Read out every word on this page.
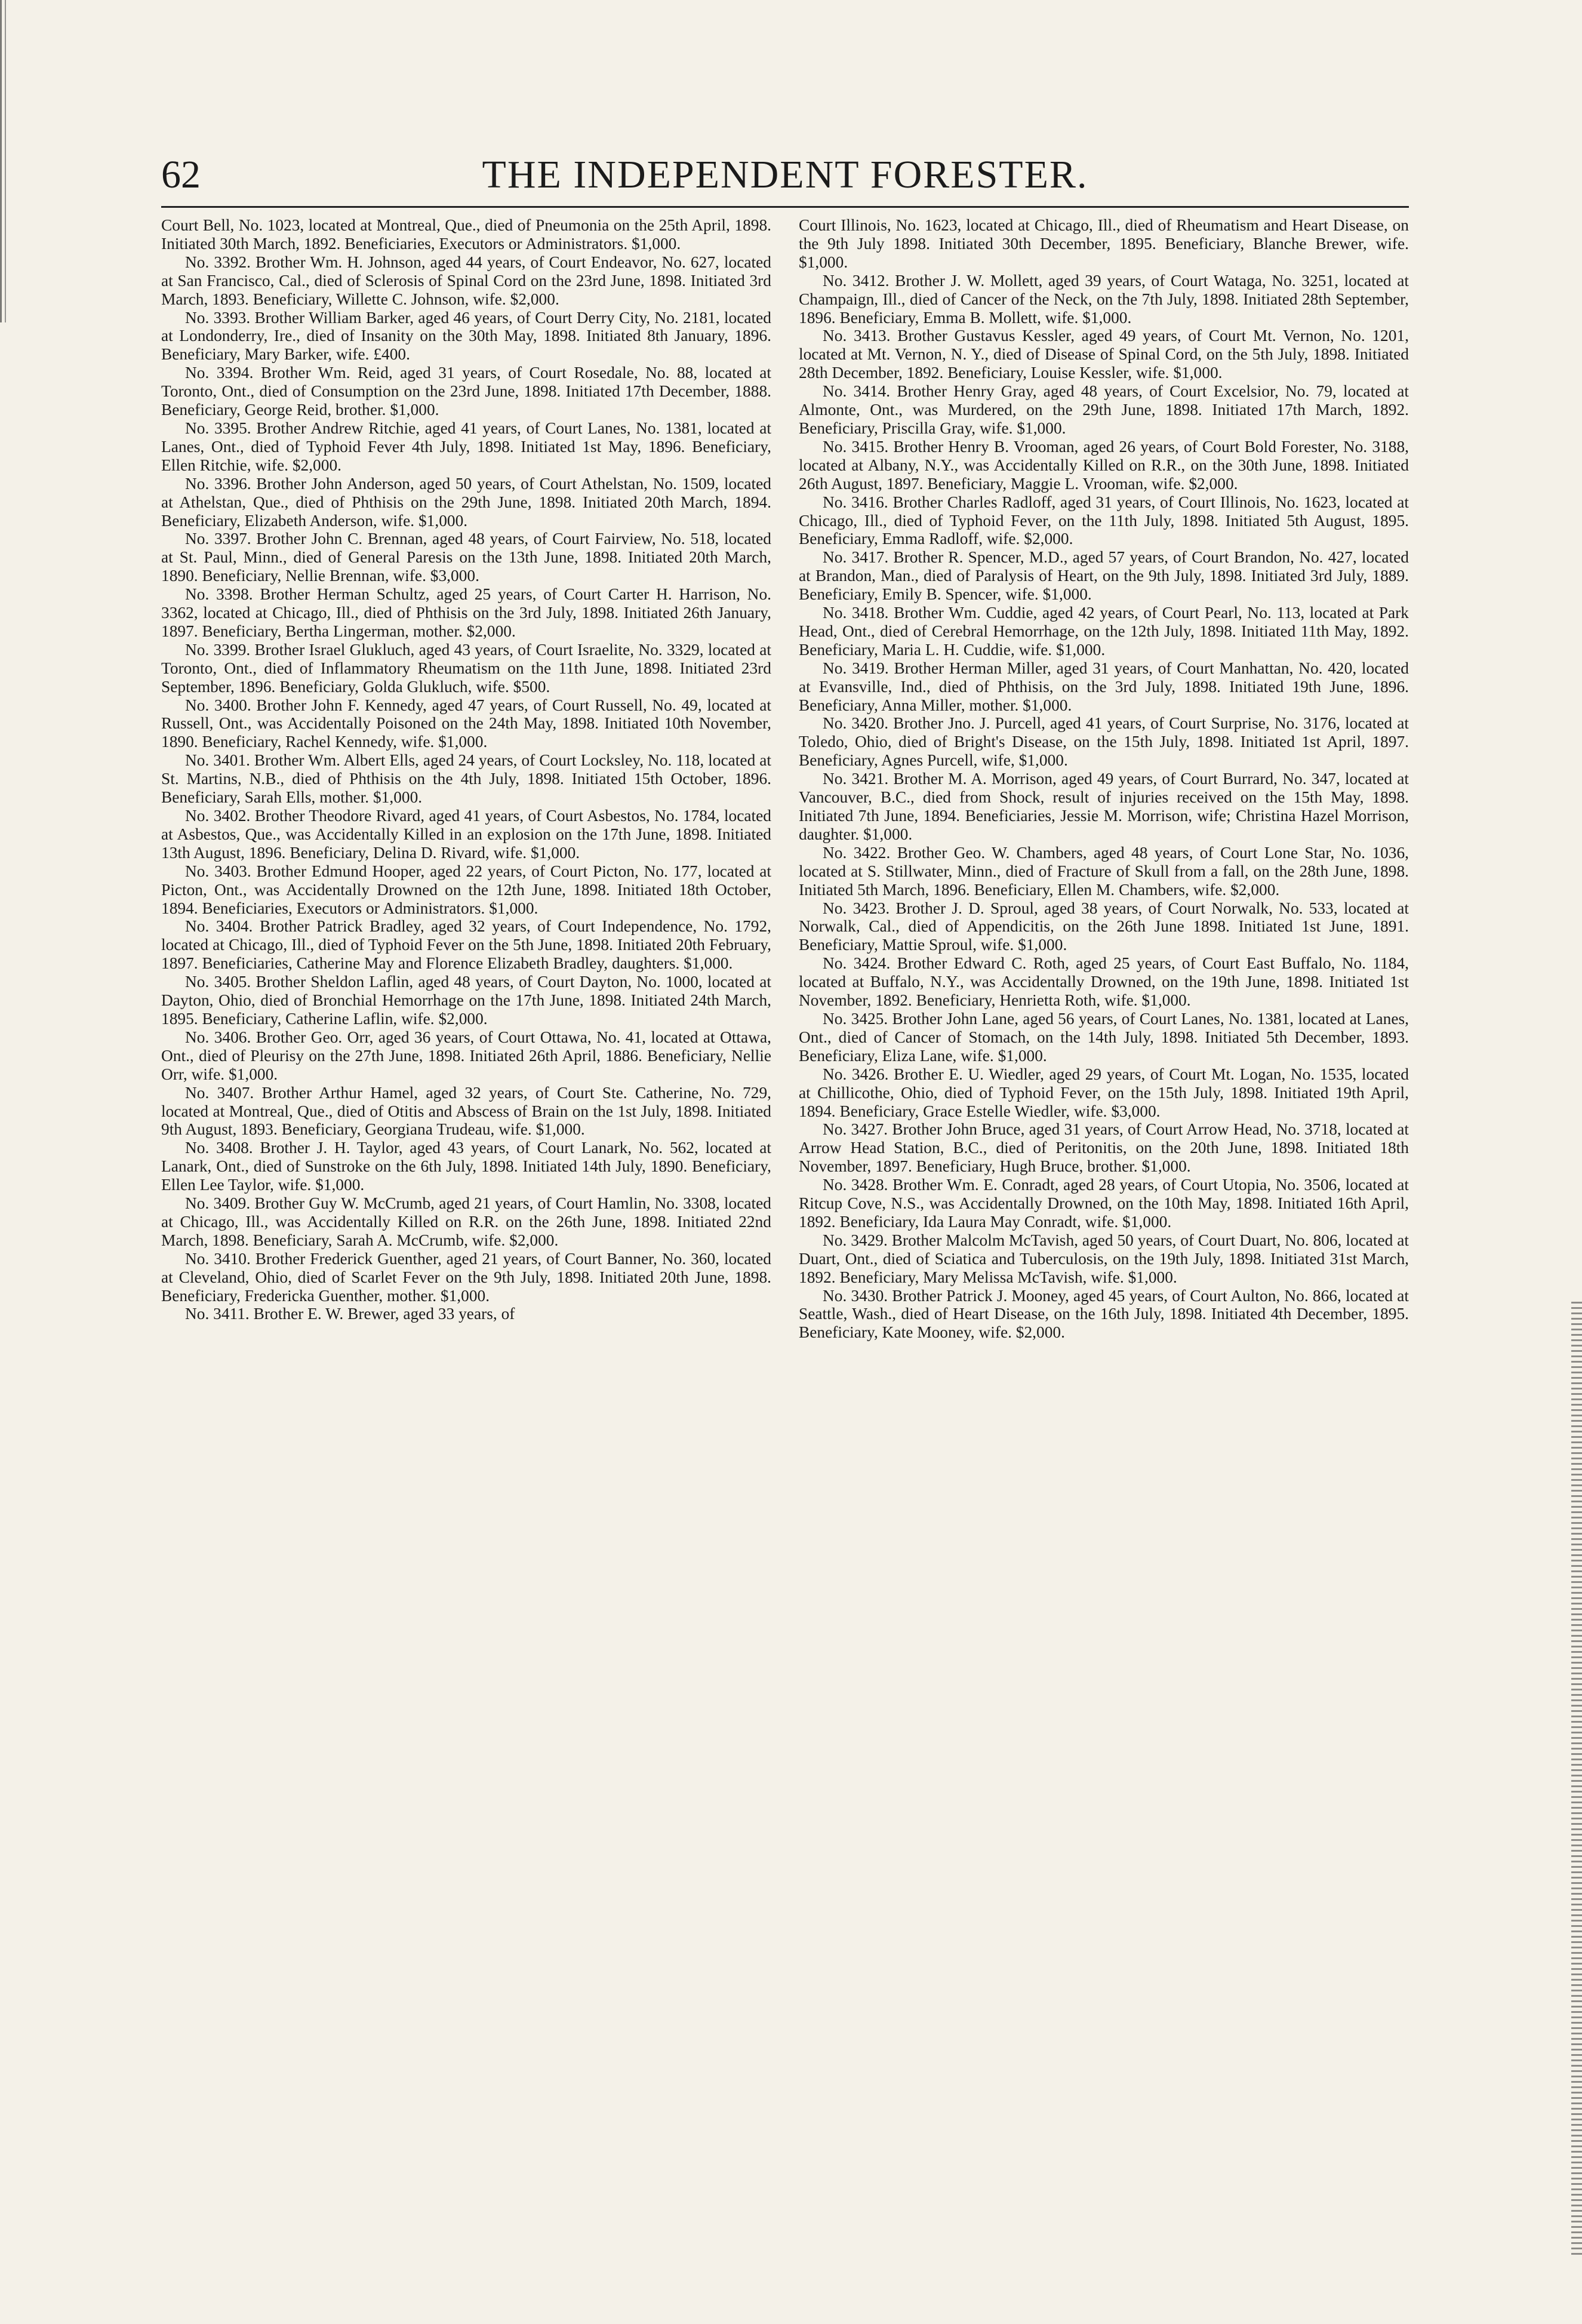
THE INDEPENDENT FORESTER.
62

Court Bell, No. 1023, located at Montreal, Que., died of Pneumonia on the 25th April, 1898. Initiated 30th March, 1892. Beneficiaries, Executors or Administrators. $1,000.

No. 3392. Brother Wm. H. Johnson, aged 44 years, of Court Endeavor, No. 627, located at San Francisco, Cal., died of Sclerosis of Spinal Cord on the 23rd June, 1898. Initiated 3rd March, 1893. Beneficiary, Willette C. Johnson, wife. $2,000.

No. 3393. Brother William Barker, aged 46 years, of Court Derry City, No. 2181, located at Londonderry, Ire., died of Insanity on the 30th May, 1898. Initiated 8th January, 1896. Beneficiary, Mary Barker, wife. £400.

No. 3394. Brother Wm. Reid, aged 31 years, of Court Rosedale, No. 88, located at Toronto, Ont., died of Consumption on the 23rd June, 1898. Initiated 17th December, 1888. Beneficiary, George Reid, brother. $1,000.

No. 3395. Brother Andrew Ritchie, aged 41 years, of Court Lanes, No. 1381, located at Lanes, Ont., died of Typhoid Fever 4th July, 1898. Initiated 1st May, 1896. Beneficiary, Ellen Ritchie, wife. $2,000.

No. 3396. Brother John Anderson, aged 50 years, of Court Athelstan, No. 1509, located at Athelstan, Que., died of Phthisis on the 29th June, 1898. Initiated 20th March, 1894. Beneficiary, Elizabeth Anderson, wife. $1,000.

No. 3397. Brother John C. Brennan, aged 48 years, of Court Fairview, No. 518, located at St. Paul, Minn., died of General Paresis on the 13th June, 1898. Initiated 20th March, 1890. Beneficiary, Nellie Brennan, wife. $3,000.

No. 3398. Brother Herman Schultz, aged 25 years, of Court Carter H. Harrison, No. 3362, located at Chicago, Ill., died of Phthisis on the 3rd July, 1898. Initiated 26th January, 1897. Beneficiary, Bertha Lingerman, mother. $2,000.

No. 3399. Brother Israel Glukluch, aged 43 years, of Court Israelite, No. 3329, located at Toronto, Ont., died of Inflammatory Rheumatism on the 11th June, 1898. Initiated 23rd September, 1896. Beneficiary, Golda Glukluch, wife. $500.

No. 3400. Brother John F. Kennedy, aged 47 years, of Court Russell, No. 49, located at Russell, Ont., was Accidentally Poisoned on the 24th May, 1898. Initiated 10th November, 1890. Beneficiary, Rachel Kennedy, wife. $1,000.

No. 3401. Brother Wm. Albert Ells, aged 24 years, of Court Locksley, No. 118, located at St. Martins, N.B., died of Phthisis on the 4th July, 1898. Initiated 15th October, 1896. Beneficiary, Sarah Ells, mother. $1,000.

No. 3402. Brother Theodore Rivard, aged 41 years, of Court Asbestos, No. 1784, located at Asbestos, Que., was Accidentally Killed in an explosion on the 17th June, 1898. Initiated 13th August, 1896. Beneficiary, Delina D. Rivard, wife. $1,000.

No. 3403. Brother Edmund Hooper, aged 22 years, of Court Picton, No. 177, located at Picton, Ont., was Accidentally Drowned on the 12th June, 1898. Initiated 18th October, 1894. Beneficiaries, Executors or Administrators. $1,000.

No. 3404. Brother Patrick Bradley, aged 32 years, of Court Independence, No. 1792, located at Chicago, Ill., died of Typhoid Fever on the 5th June, 1898. Initiated 20th February, 1897. Beneficiaries, Catherine May and Florence Elizabeth Bradley, daughters. $1,000.

No. 3405. Brother Sheldon Laflin, aged 48 years, of Court Dayton, No. 1000, located at Dayton, Ohio, died of Bronchial Hemorrhage on the 17th June, 1898. Initiated 24th March, 1895. Beneficiary, Catherine Laflin, wife. $2,000.

No. 3406. Brother Geo. Orr, aged 36 years, of Court Ottawa, No. 41, located at Ottawa, Ont., died of Pleurisy on the 27th June, 1898. Initiated 26th April, 1886. Beneficiary, Nellie Orr, wife. $1,000.

No. 3407. Brother Arthur Hamel, aged 32 years, of Court Ste. Catherine, No. 729, located at Montreal, Que., died of Otitis and Abscess of Brain on the 1st July, 1898. Initiated 9th August, 1893. Beneficiary, Georgiana Trudeau, wife. $1,000.

No. 3408. Brother J. H. Taylor, aged 43 years, of Court Lanark, No. 562, located at Lanark, Ont., died of Sunstroke on the 6th July, 1898. Initiated 14th July, 1890. Beneficiary, Ellen Lee Taylor, wife. $1,000.

No. 3409. Brother Guy W. McCrumb, aged 21 years, of Court Hamlin, No. 3308, located at Chicago, Ill., was Accidentally Killed on R.R. on the 26th June, 1898. Initiated 22nd March, 1898. Beneficiary, Sarah A. McCrumb, wife. $2,000.

No. 3410. Brother Frederick Guenther, aged 21 years, of Court Banner, No. 360, located at Cleveland, Ohio, died of Scarlet Fever on the 9th July, 1898. Initiated 20th June, 1898. Beneficiary, Fredericka Guenther, mother. $1,000.

No. 3411. Brother E. W. Brewer, aged 33 years, of

Court Illinois, No. 1623, located at Chicago, Ill., died of Rheumatism and Heart Disease, on the 9th July 1898. Initiated 30th December, 1895. Beneficiary, Blanche Brewer, wife. $1,000.

No. 3412. Brother J. W. Mollett, aged 39 years, of Court Wataga, No. 3251, located at Champaign, Ill., died of Cancer of the Neck, on the 7th July, 1898. Initiated 28th September, 1896. Beneficiary, Emma B. Mollett, wife. $1,000.

No. 3413. Brother Gustavus Kessler, aged 49 years, of Court Mt. Vernon, No. 1201, located at Mt. Vernon, N. Y., died of Disease of Spinal Cord, on the 5th July, 1898. Initiated 28th December, 1892. Beneficiary, Louise Kessler, wife. $1,000.

No. 3414. Brother Henry Gray, aged 48 years, of Court Excelsior, No. 79, located at Almonte, Ont., was Murdered, on the 29th June, 1898. Initiated 17th March, 1892. Beneficiary, Priscilla Gray, wife. $1,000.

No. 3415. Brother Henry B. Vrooman, aged 26 years, of Court Bold Forester, No. 3188, located at Albany, N.Y., was Accidentally Killed on R.R., on the 30th June, 1898. Initiated 26th August, 1897. Beneficiary, Maggie L. Vrooman, wife. $2,000.

No. 3416. Brother Charles Radloff, aged 31 years, of Court Illinois, No. 1623, located at Chicago, Ill., died of Typhoid Fever, on the 11th July, 1898. Initiated 5th August, 1895. Beneficiary, Emma Radloff, wife. $2,000.

No. 3417. Brother R. Spencer, M.D., aged 57 years, of Court Brandon, No. 427, located at Brandon, Man., died of Paralysis of Heart, on the 9th July, 1898. Initiated 3rd July, 1889. Beneficiary, Emily B. Spencer, wife. $1,000.

No. 3418. Brother Wm. Cuddie, aged 42 years, of Court Pearl, No. 113, located at Park Head, Ont., died of Cerebral Hemorrhage, on the 12th July, 1898. Initiated 11th May, 1892. Beneficiary, Maria L. H. Cuddie, wife. $1,000.

No. 3419. Brother Herman Miller, aged 31 years, of Court Manhattan, No. 420, located at Evansville, Ind., died of Phthisis, on the 3rd July, 1898. Initiated 19th June, 1896. Beneficiary, Anna Miller, mother. $1,000.

No. 3420. Brother Jno. J. Purcell, aged 41 years, of Court Surprise, No. 3176, located at Toledo, Ohio, died of Bright's Disease, on the 15th July, 1898. Initiated 1st April, 1897. Beneficiary, Agnes Purcell, wife, $1,000.

No. 3421. Brother M. A. Morrison, aged 49 years, of Court Burrard, No. 347, located at Vancouver, B.C., died from Shock, result of injuries received on the 15th May, 1898. Initiated 7th June, 1894. Beneficiaries, Jessie M. Morrison, wife; Christina Hazel Morrison, daughter. $1,000.

No. 3422. Brother Geo. W. Chambers, aged 48 years, of Court Lone Star, No. 1036, located at S. Stillwater, Minn., died of Fracture of Skull from a fall, on the 28th June, 1898. Initiated 5th March, 1896. Beneficiary, Ellen M. Chambers, wife. $2,000.

No. 3423. Brother J. D. Sproul, aged 38 years, of Court Norwalk, No. 533, located at Norwalk, Cal., died of Appendicitis, on the 26th June 1898. Initiated 1st June, 1891. Beneficiary, Mattie Sproul, wife. $1,000.

No. 3424. Brother Edward C. Roth, aged 25 years, of Court East Buffalo, No. 1184, located at Buffalo, N.Y., was Accidentally Drowned, on the 19th June, 1898. Initiated 1st November, 1892. Beneficiary, Henrietta Roth, wife. $1,000.

No. 3425. Brother John Lane, aged 56 years, of Court Lanes, No. 1381, located at Lanes, Ont., died of Cancer of Stomach, on the 14th July, 1898. Initiated 5th December, 1893. Beneficiary, Eliza Lane, wife. $1,000.

No. 3426. Brother E. U. Wiedler, aged 29 years, of Court Mt. Logan, No. 1535, located at Chillicothe, Ohio, died of Typhoid Fever, on the 15th July, 1898. Initiated 19th April, 1894. Beneficiary, Grace Estelle Wiedler, wife. $3,000.

No. 3427. Brother John Bruce, aged 31 years, of Court Arrow Head, No. 3718, located at Arrow Head Station, B.C., died of Peritonitis, on the 20th June, 1898. Initiated 18th November, 1897. Beneficiary, Hugh Bruce, brother. $1,000.

No. 3428. Brother Wm. E. Conradt, aged 28 years, of Court Utopia, No. 3506, located at Ritcup Cove, N.S., was Accidentally Drowned, on the 10th May, 1898. Initiated 16th April, 1892. Beneficiary, Ida Laura May Conradt, wife. $1,000.

No. 3429. Brother Malcolm McTavish, aged 50 years, of Court Duart, No. 806, located at Duart, Ont., died of Sciatica and Tuberculosis, on the 19th July, 1898. Initiated 31st March, 1892. Beneficiary, Mary Melissa McTavish, wife. $1,000.

No. 3430. Brother Patrick J. Mooney, aged 45 years, of Court Aulton, No. 866, located at Seattle, Wash., died of Heart Disease, on the 16th July, 1898. Initiated 4th December, 1895. Beneficiary, Kate Mooney, wife. $2,000.
